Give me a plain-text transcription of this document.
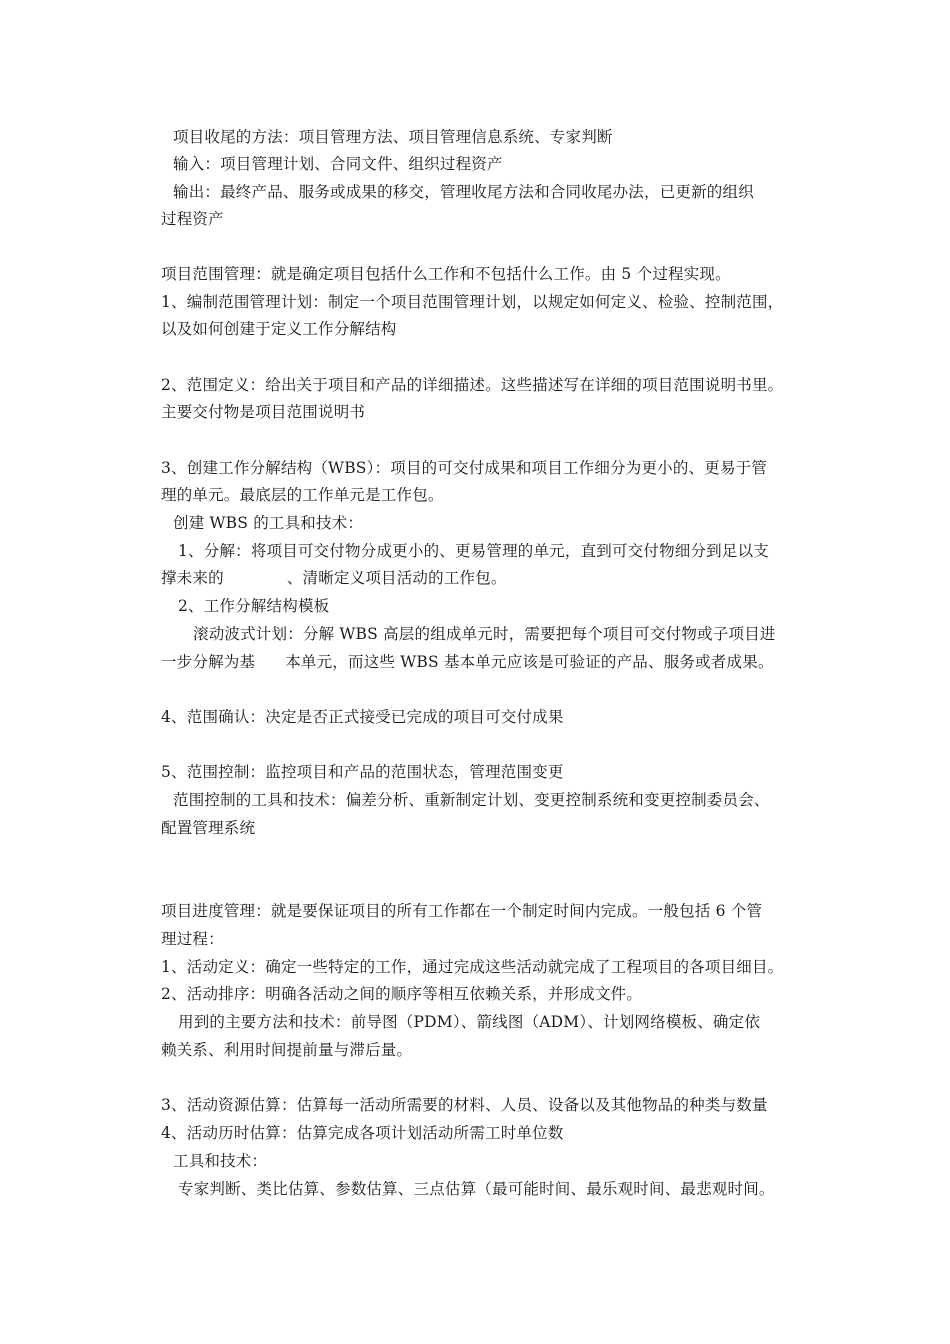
项目收尾的方法：项目管理方法、项目管理信息系统、专家判断
输入：项目管理计划、合同文件、组织过程资产
输出：最终产品、服务或成果的移交，管理收尾方法和合同收尾办法，已更新的组织
过程资产
项目范围管理：就是确定项目包括什么工作和不包括什么工作。由 5 个过程实现。
1、编制范围管理计划：制定一个项目范围管理计划，以规定如何定义、检验、控制范围，
以及如何创建于定义工作分解结构
2、范围定义：给出关于项目和产品的详细描述。这些描述写在详细的项目范围说明书里。
主要交付物是项目范围说明书
3、创建工作分解结构（WBS）：项目的可交付成果和项目工作细分为更小的、更易于管
理的单元。最底层的工作单元是工作包。
创建 WBS 的工具和技术：
1、分解：将项目可交付物分成更小的、更易管理的单元，直到可交付物细分到足以支
撑未来的	、清晰定义项目活动的工作包。
2、工作分解结构模板
滚动波式计划：分解 WBS 高层的组成单元时，需要把每个项目可交付物或子项目进
一步分解为基 本单元，而这些 WBS 基本单元应该是可验证的产品、服务或者成果。
4、范围确认：决定是否正式接受已完成的项目可交付成果
5、范围控制：监控项目和产品的范围状态，管理范围变更
范围控制的工具和技术：偏差分析、重新制定计划、变更控制系统和变更控制委员会、
配置管理系统
项目进度管理：就是要保证项目的所有工作都在一个制定时间内完成。一般包括 6 个管
理过程：
1、活动定义：确定一些特定的工作，通过完成这些活动就完成了工程项目的各项目细目。
2、活动排序：明确各活动之间的顺序等相互依赖关系，并形成文件。
用到的主要方法和技术：前导图（PDM）、箭线图（ADM）、计划网络模板、确定依
赖关系、利用时间提前量与滞后量。
3、活动资源估算：估算每一活动所需要的材料、人员、设备以及其他物品的种类与数量
4、活动历时估算：估算完成各项计划活动所需工时单位数
工具和技术：
专家判断、类比估算、参数估算、三点估算（最可能时间、最乐观时间、最悲观时间。
